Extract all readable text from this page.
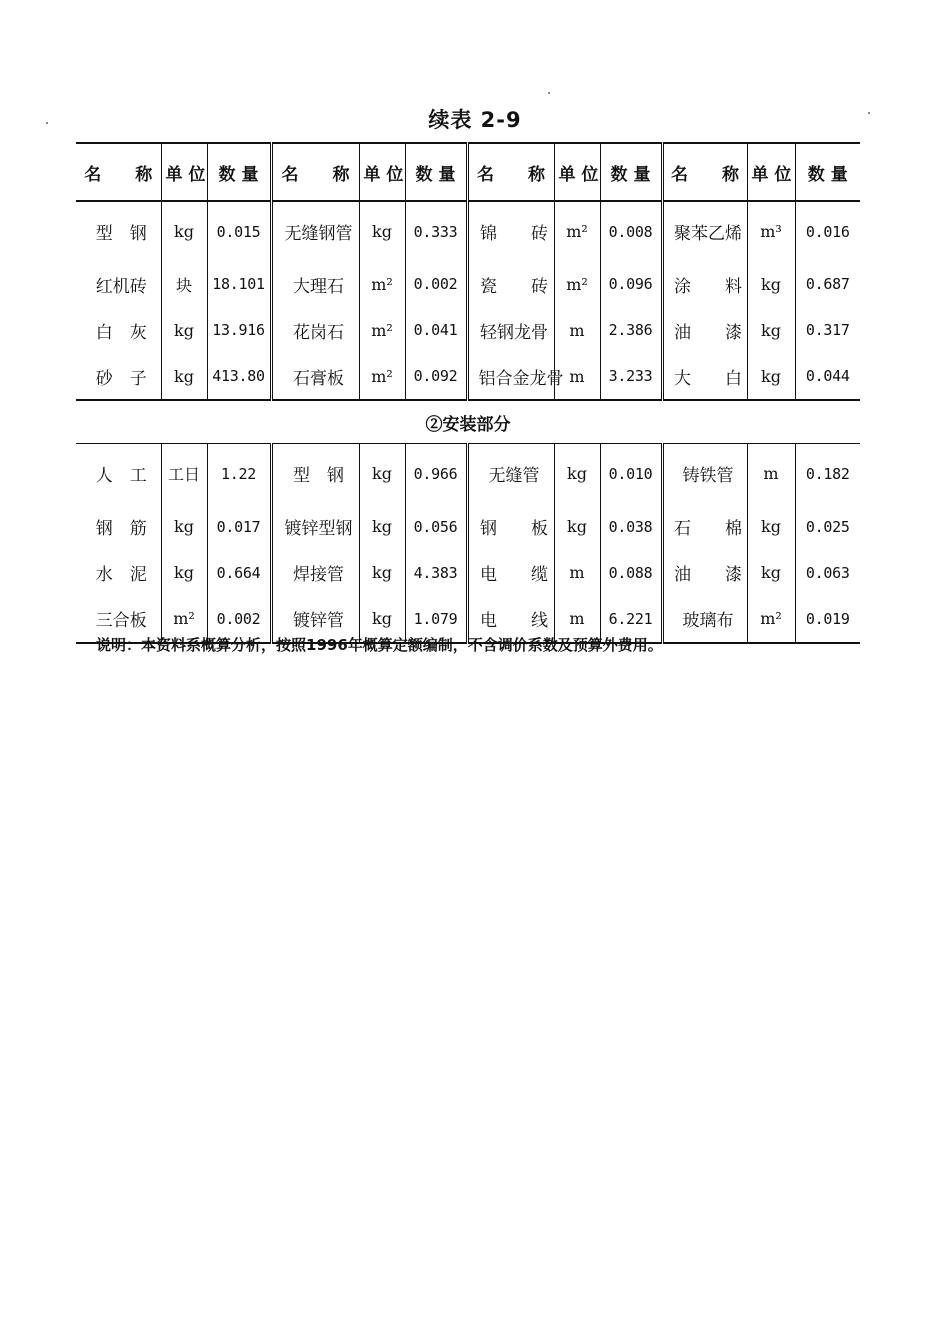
续表 2-9
名　　称	单 位	数 量	名　　称	单 位	数 量	名　　称	单 位	数 量	名　　称	单 位	数 量
型　钢	kg	0.015	无缝钢管	kg	0.333	锦　　砖	m²	0.008	聚苯乙烯	m³	0.016
红机砖	块	18.101	大理石	m²	0.002	瓷　　砖	m²	0.096	涂　　料	kg	0.687
白　灰	kg	13.916	花岗石	m²	0.041	轻钢龙骨	m	2.386	油　　漆	kg	0.317
砂　子	kg	413.80	石膏板	m²	0.092	铝合金龙骨	m	3.233	大　　白	kg	0.044
②安装部分											
人　工	工日	1.22	型　钢	kg	0.966	无缝管	kg	0.010	铸铁管	m	0.182
钢　筋	kg	0.017	镀锌型钢	kg	0.056	钢　　板	kg	0.038	石　　棉	kg	0.025
水　泥	kg	0.664	焊接管	kg	4.383	电　　缆	m	0.088	油　　漆	kg	0.063
三合板	m²	0.002	镀锌管	kg	1.079	电　　线	m	6.221	玻璃布	m²	0.019
说明：本资料系概算分析，按照1996年概算定额编制，不含调价系数及预算外费用。
